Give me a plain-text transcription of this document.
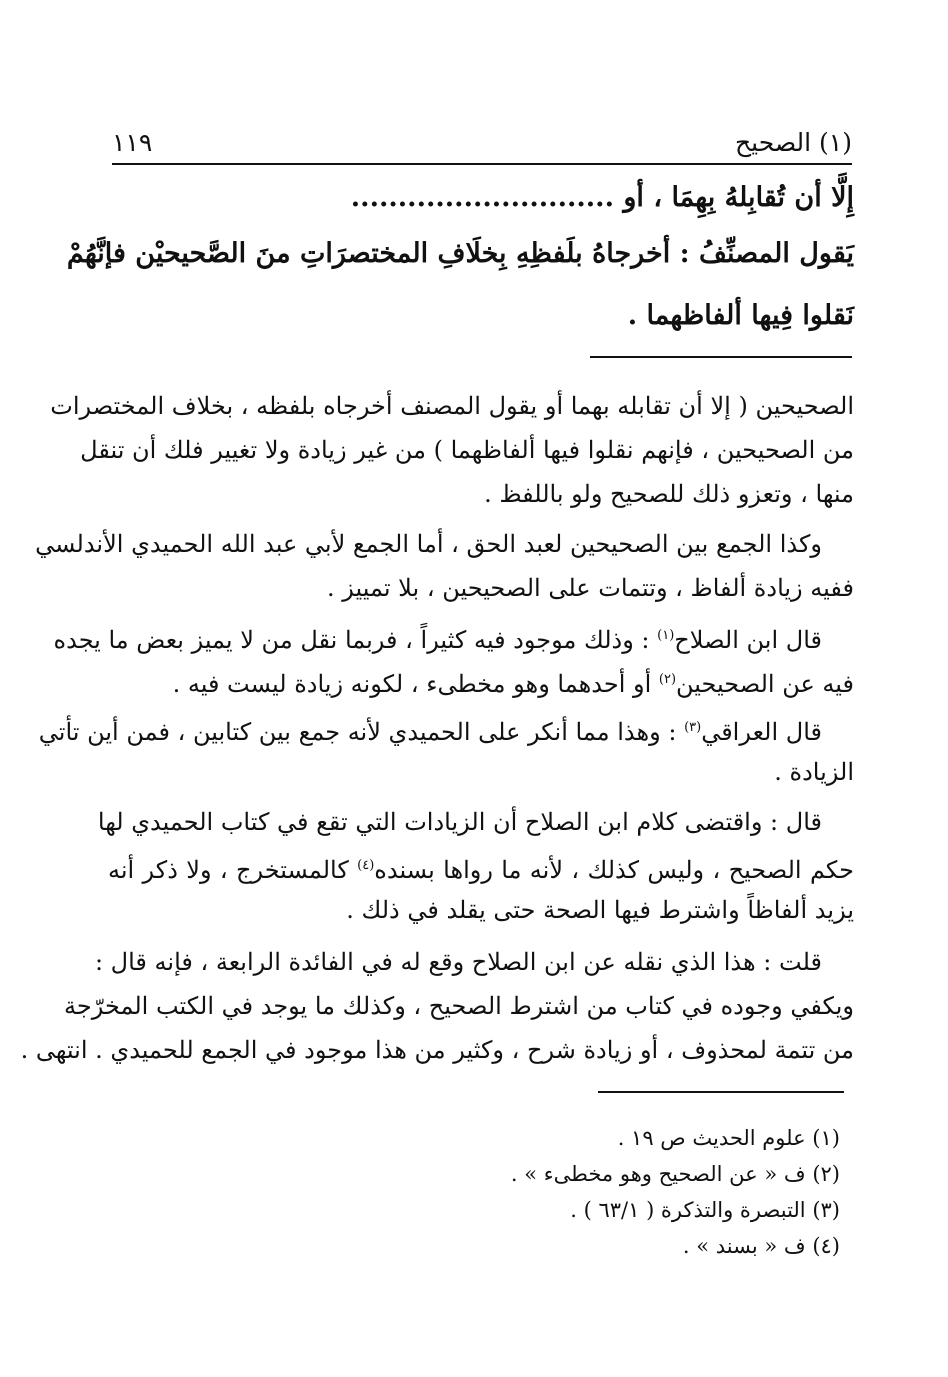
(١) الصحيح
١١٩
إِلَّا أن تُقابِلهُ بِهِمَا ، أو ............................
يَقول المصنِّفُ : أخرجاهُ بلَفظِهِ بِخلَافِ المختصرَاتِ منَ الصَّحيحيْن فإنَّهُمْ
نَقلوا فِيها ألفاظهما .
الصحيحين ( إلا أن تقابله بهما أو يقول المصنف أخرجاه بلفظه ، بخلاف المختصرات
من الصحيحين ، فإنهم نقلوا فيها ألفاظهما ) من غير زيادة ولا تغيير فلك أن تنقل
منها ، وتعزو ذلك للصحيح ولو باللفظ .
وكذا الجمع بين الصحيحين لعبد الحق ، أما الجمع لأبي عبد الله الحميدي الأندلسي
ففيه زيادة ألفاظ ، وتتمات على الصحيحين ، بلا تمييز .
قال ابن الصلاح$^{(١)}$ : وذلك موجود فيه كثيراً ، فربما نقل من لا يميز بعض ما يجده
فيه عن الصحيحين$^{(٢)}$ أو أحدهما وهو مخطىء ، لكونه زيادة ليست فيه .
قال العراقي$^{(٣)}$ : وهذا مما أنكر على الحميدي لأنه جمع بين كتابين ، فمن أين تأتي
الزيادة .
قال : واقتضى كلام ابن الصلاح أن الزيادات التي تقع في كتاب الحميدي لها
حكم الصحيح ، وليس كذلك ، لأنه ما رواها بسنده$^{(٤)}$ كالمستخرج ، ولا ذكر أنه
يزيد ألفاظاً واشترط فيها الصحة حتى يقلد في ذلك .
قلت : هذا الذي نقله عن ابن الصلاح وقع له في الفائدة الرابعة ، فإنه قال :
ويكفي وجوده في كتاب من اشترط الصحيح ، وكذلك ما يوجد في الكتب المخرّجة
من تتمة لمحذوف ، أو زيادة شرح ، وكثير من هذا موجود في الجمع للحميدي . انتهى .
(١) علوم الحديث ص ١٩ .
(٢) ف « عن الصحيح وهو مخطىء » .
(٣) التبصرة والتذكرة ( ٦٣/١ ) .
(٤) ف « بسند » .
